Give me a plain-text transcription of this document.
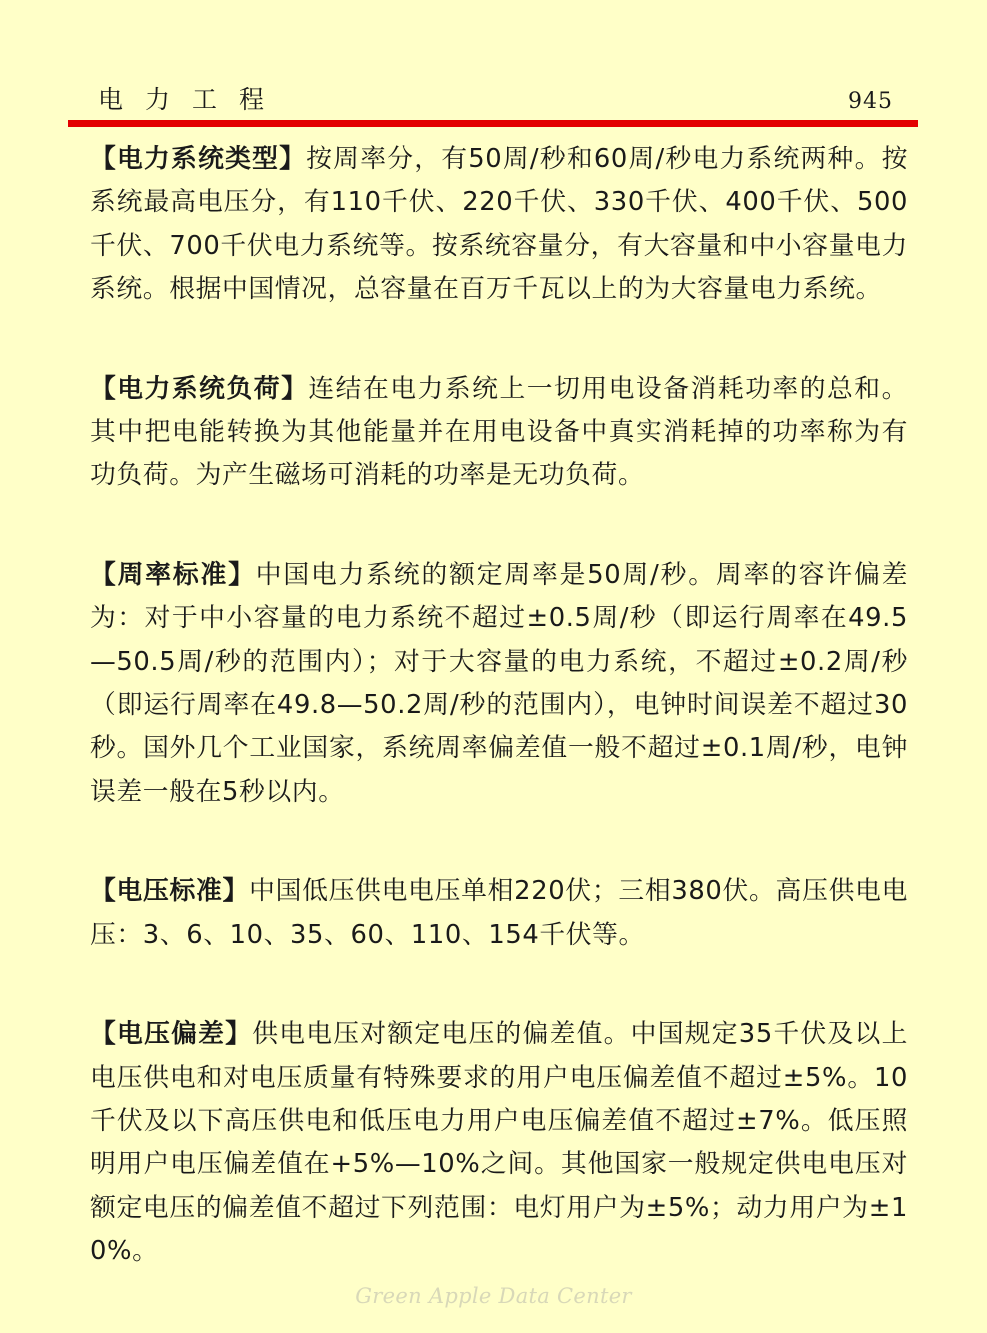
电力工程	945

【电力系统类型】按周率分，有50周/秒和60周/秒电力系统两种。按系统最高电压分，有110千伏、220千伏、330千伏、400千伏、500千伏、700千伏电力系统等。按系统容量分，有大容量和中小容量电力系统。根据中国情况，总容量在百万千瓦以上的为大容量电力系统。

【电力系统负荷】连结在电力系统上一切用电设备消耗功率的总和。其中把电能转换为其他能量并在用电设备中真实消耗掉的功率称为有功负荷。为产生磁场可消耗的功率是无功负荷。

【周率标准】中国电力系统的额定周率是50周/秒。周率的容许偏差为：对于中小容量的电力系统不超过±0.5周/秒（即运行周率在49.5—50.5周/秒的范围内）；对于大容量的电力系统，不超过±0.2周/秒（即运行周率在49.8—50.2周/秒的范围内），电钟时间误差不超过30秒。国外几个工业国家，系统周率偏差值一般不超过±0.1周/秒，电钟误差一般在5秒以内。

【电压标准】中国低压供电电压单相220伏；三相380伏。高压供电电压：3、6、10、35、60、110、154千伏等。

【电压偏差】供电电压对额定电压的偏差值。中国规定35千伏及以上电压供电和对电压质量有特殊要求的用户电压偏差值不超过±5%。10千伏及以下高压供电和低压电力用户电压偏差值不超过±7%。低压照明用户电压偏差值在+5%—10%之间。其他国家一般规定供电电压对额定电压的偏差值不超过下列范围：电灯用户为±5%；动力用户为±10%。

Green Apple Data Center
